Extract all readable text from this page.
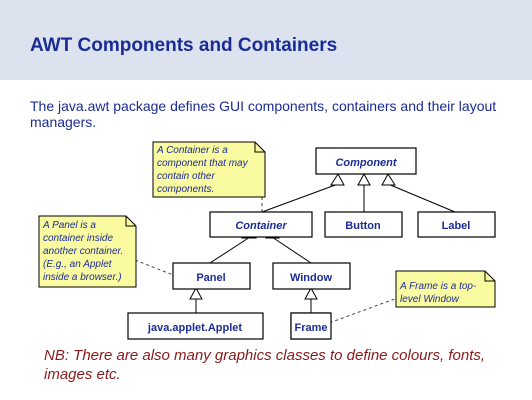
AWT Components and Containers
The java.awt package defines GUI components, containers and their layout managers.
Component
Container	Button	Label
Panel	Window
java.applet.Applet	Frame
A Container is a component that may contain other components.
A Panel is a container inside another container. (E.g., an Applet inside a browser.)
A Frame is a top- level Window
NB: There are also many graphics classes to define colours, fonts, images etc.
